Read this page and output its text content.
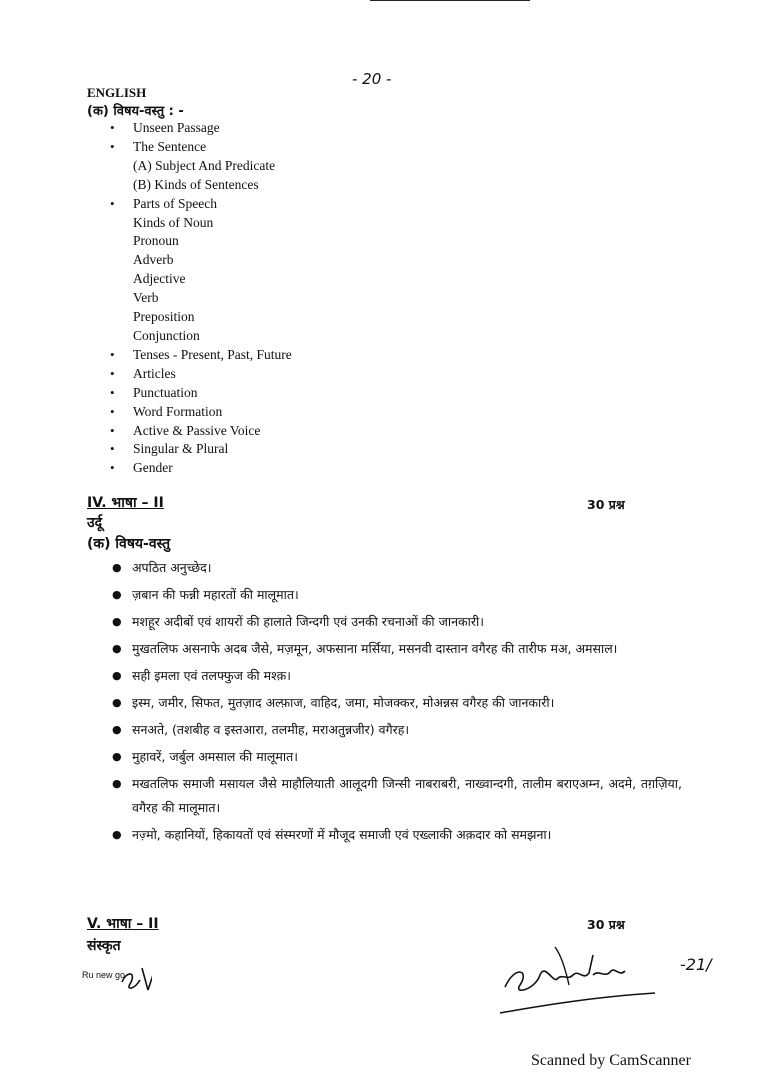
- 20 -
ENGLISH
(क) विषय-वस्तु : -
• Unseen Passage
• The Sentence
(A) Subject And Predicate
(B) Kinds of Sentences
• Parts of Speech
Kinds of Noun
Pronoun
Adverb
Adjective
Verb
Preposition
Conjunction
• Tenses - Present, Past, Future
• Articles
• Punctuation
• Word Formation
• Active & Passive Voice
• Singular & Plural
• Gender
IV. भाषा – II	30 प्रश्न
उर्दू
(क) विषय-वस्तु
● अपठित अनुच्छेद।
● ज़बान की फन्नी महारतों की मालूमात।
● मशहूर अदीबों एवं शायरों की हालाते जिन्दगी एवं उनकी रचनाओं की जानकारी।
● मुखतलिफ असनाफे अदब जैसे, मज़मून, अफसाना मर्सिया, मसनवी दास्तान वगैरह की तारीफ मअ, अमसाल।
● सही इमला एवं तलफ्फुज की मश्क़।
● इस्म, जमीर, सिफत, मुतज़ाद अल्फ़ाज, वाहिद, जमा, मोजक्कर, मोअन्नस वगैरह की जानकारी।
● सनअते, (तशबीह व इस्तआरा, तलमीह, मराअतुन्नजीर) वगैरह।
● मुहावरें, जर्बुल अमसाल की मालूमात।
● मखतलिफ समाजी मसायल जैसे माहौलियाती आलूदगी जिन्सी नाबराबरी, नाख्वान्दगी, तालीम बराएअम्न, अदमे, तग़ज़िया, वगैरह की मालूमात।
● नज़्मो, कहानियों, हिकायतों एवं संस्मरणों में मौजूद समाजी एवं एख्लाकी अक़दार को समझना।
V. भाषा – II	30 प्रश्न
संस्कृत
Ru new go
-21/
Scanned by CamScanner
